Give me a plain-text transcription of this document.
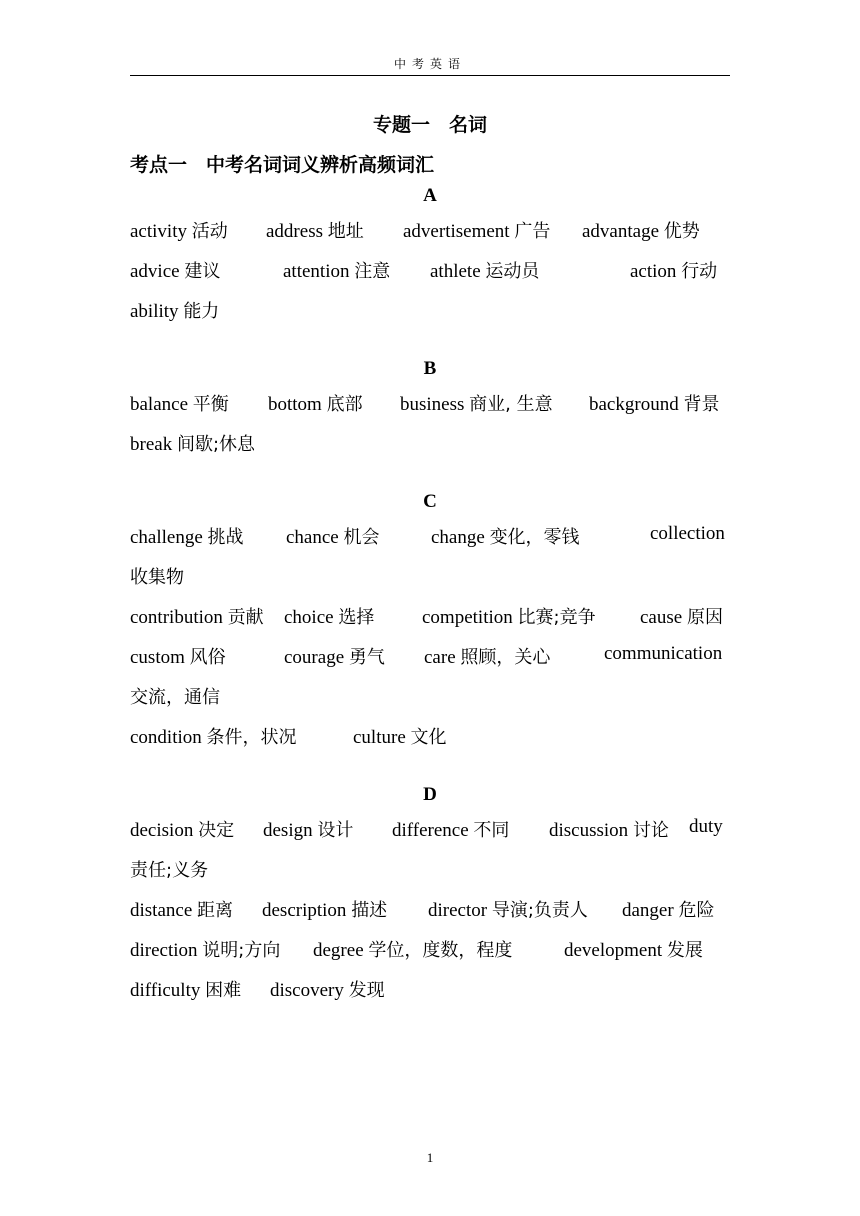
中考英语
专题一　名词
考点一　中考名词词义辨析高频词汇
A
activity 活动 address 地址 advertisement 广告 advantage 优势
advice 建议	attention 注意 athlete 运动员	action 行动
ability 能力
B
balance 平衡 bottom 底部 business 商业, 生意 background 背景
break 间歇;休息
C
challenge 挑战 chance 机会	change 变化，零钱	collection
收集物
contribution 贡献 choice 选择	competition 比赛;竞争 cause 原因
custom 风俗	courage 勇气 care 照顾，关心	communication
交流，通信
condition 条件，状况	culture 文化
D
decision 决定 design 设计 difference 不同 discussion 讨论 duty
责任;义务
distance 距离 description 描述 director 导演;负责人 danger 危险
direction 说明;方向 degree 学位，度数，程度	development 发展
difficulty 困难 discovery 发现
1
